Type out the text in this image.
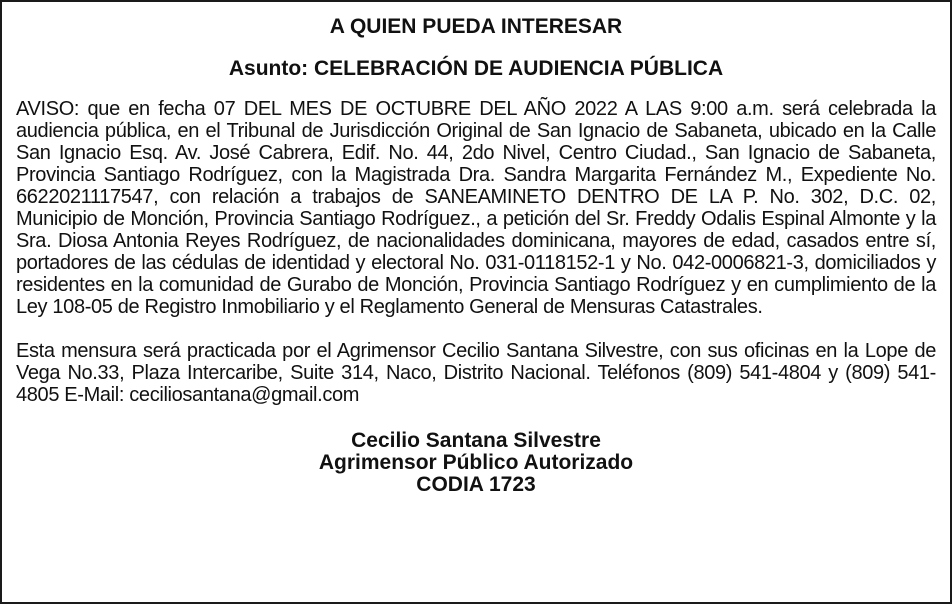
A QUIEN PUEDA INTERESAR
Asunto: CELEBRACIÓN DE AUDIENCIA PÚBLICA

AVISO: que en fecha 07 DEL MES DE OCTUBRE DEL AÑO 2022 A LAS 9:00 a.m. será celebrada la audiencia pública, en el Tribunal de Jurisdicción Original de San Ignacio de Sabaneta, ubicado en la Calle San Ignacio Esq. Av. José Cabrera, Edif. No. 44, 2do Nivel, Centro Ciudad., San Ignacio de Sabaneta, Provincia Santiago Rodríguez, con la Magistrada Dra. Sandra Margarita Fernández M., Expediente No. 6622021117547, con relación a trabajos de SANEAMINETO DENTRO DE LA P. No. 302, D.C. 02, Municipio de Monción, Provincia Santiago Rodríguez., a petición del Sr. Freddy Odalis Espinal Almonte y la Sra. Diosa Antonia Reyes Rodríguez, de nacionalidades dominicana, mayores de edad, casados entre sí, portadores de las cédulas de identidad y electoral No. 031-0118152-1 y No. 042-0006821-3, domiciliados y residentes en la comunidad de Gurabo de Monción, Provincia Santiago Rodríguez y en cumplimiento de la Ley 108-05 de Registro Inmobiliario y el Reglamento General de Mensuras Catastrales.

Esta mensura será practicada por el Agrimensor Cecilio Santana Silvestre, con sus oficinas en la Lope de Vega No.33, Plaza Intercaribe, Suite 314, Naco, Distrito Nacional. Teléfonos (809) 541-4804 y (809) 541-4805 E-Mail: ceciliosantana@gmail.com

Cecilio Santana Silvestre
Agrimensor Público Autorizado
CODIA 1723
